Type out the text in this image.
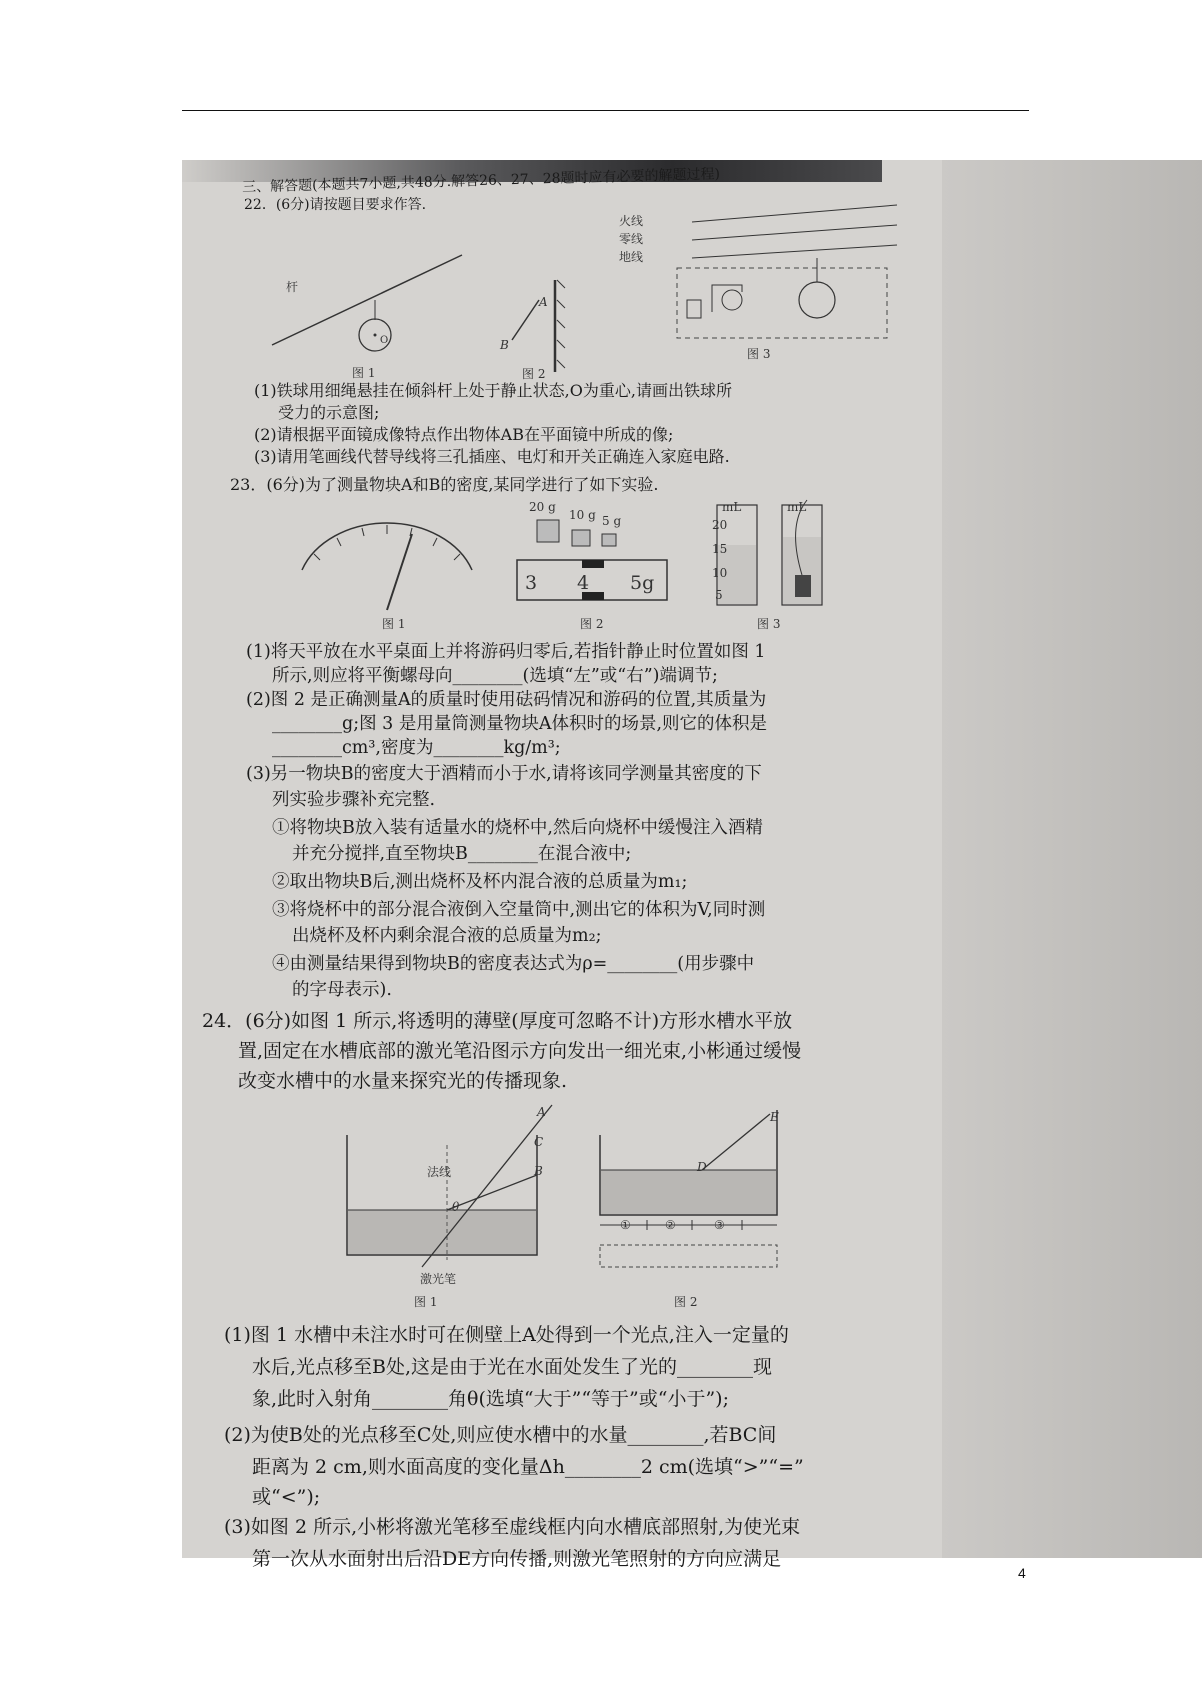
三、解答题(本题共7小题,共48分.解答26、27、28题时应有必要的解题过程)
22．(6分)请按题目要求作答.
杆
O
图 1
A
B
图 2
火线
零线
地线
图 3
(1)铁球用细绳悬挂在倾斜杆上处于静止状态,O为重心,请画出铁球所
受力的示意图;
(2)请根据平面镜成像特点作出物体AB在平面镜中所成的像;
(3)请用笔画线代替导线将三孔插座、电灯和开关正确连入家庭电路.
23．(6分)为了测量物块A和B的密度,某同学进行了如下实验.
图 1
20 g
10 g 5 g
3 4 5g
图 2
mL
20
15
10
5
mL
图 3
(1)将天平放在水平桌面上并将游码归零后,若指针静止时位置如图 1
所示,则应将平衡螺母向________(选填“左”或“右”)端调节;
(2)图 2 是正确测量A的质量时使用砝码情况和游码的位置,其质量为
________g;图 3 是用量筒测量物块A体积时的场景,则它的体积是
________cm³,密度为________kg/m³;
(3)另一物块B的密度大于酒精而小于水,请将该同学测量其密度的下
列实验步骤补充完整.
①将物块B放入装有适量水的烧杯中,然后向烧杯中缓慢注入酒精
并充分搅拌,直至物块B________在混合液中;
②取出物块B后,测出烧杯及杯内混合液的总质量为m₁;
③将烧杯中的部分混合液倒入空量筒中,测出它的体积为V,同时测
出烧杯及杯内剩余混合液的总质量为m₂;
④由测量结果得到物块B的密度表达式为ρ=________(用步骤中
的字母表示).
24．(6分)如图 1 所示,将透明的薄壁(厚度可忽略不计)方形水槽水平放
置,固定在水槽底部的激光笔沿图示方向发出一细光束,小彬通过缓慢
改变水槽中的水量来探究光的传播现象.
法线
θ
A
C
B
激光笔
图 1
D
E
①	②	③
图 2
(1)图 1 水槽中未注水时可在侧壁上A处得到一个光点,注入一定量的
水后,光点移至B处,这是由于光在水面处发生了光的________现
象,此时入射角________角θ(选填“大于”“等于”或“小于”);
(2)为使B处的光点移至C处,则应使水槽中的水量________,若BC间
距离为 2 cm,则水面高度的变化量Δh________2 cm(选填“>”“=”
或“<”);
(3)如图 2 所示,小彬将激光笔移至虚线框内向水槽底部照射,为使光束
第一次从水面射出后沿DE方向传播,则激光笔照射的方向应满足
4
